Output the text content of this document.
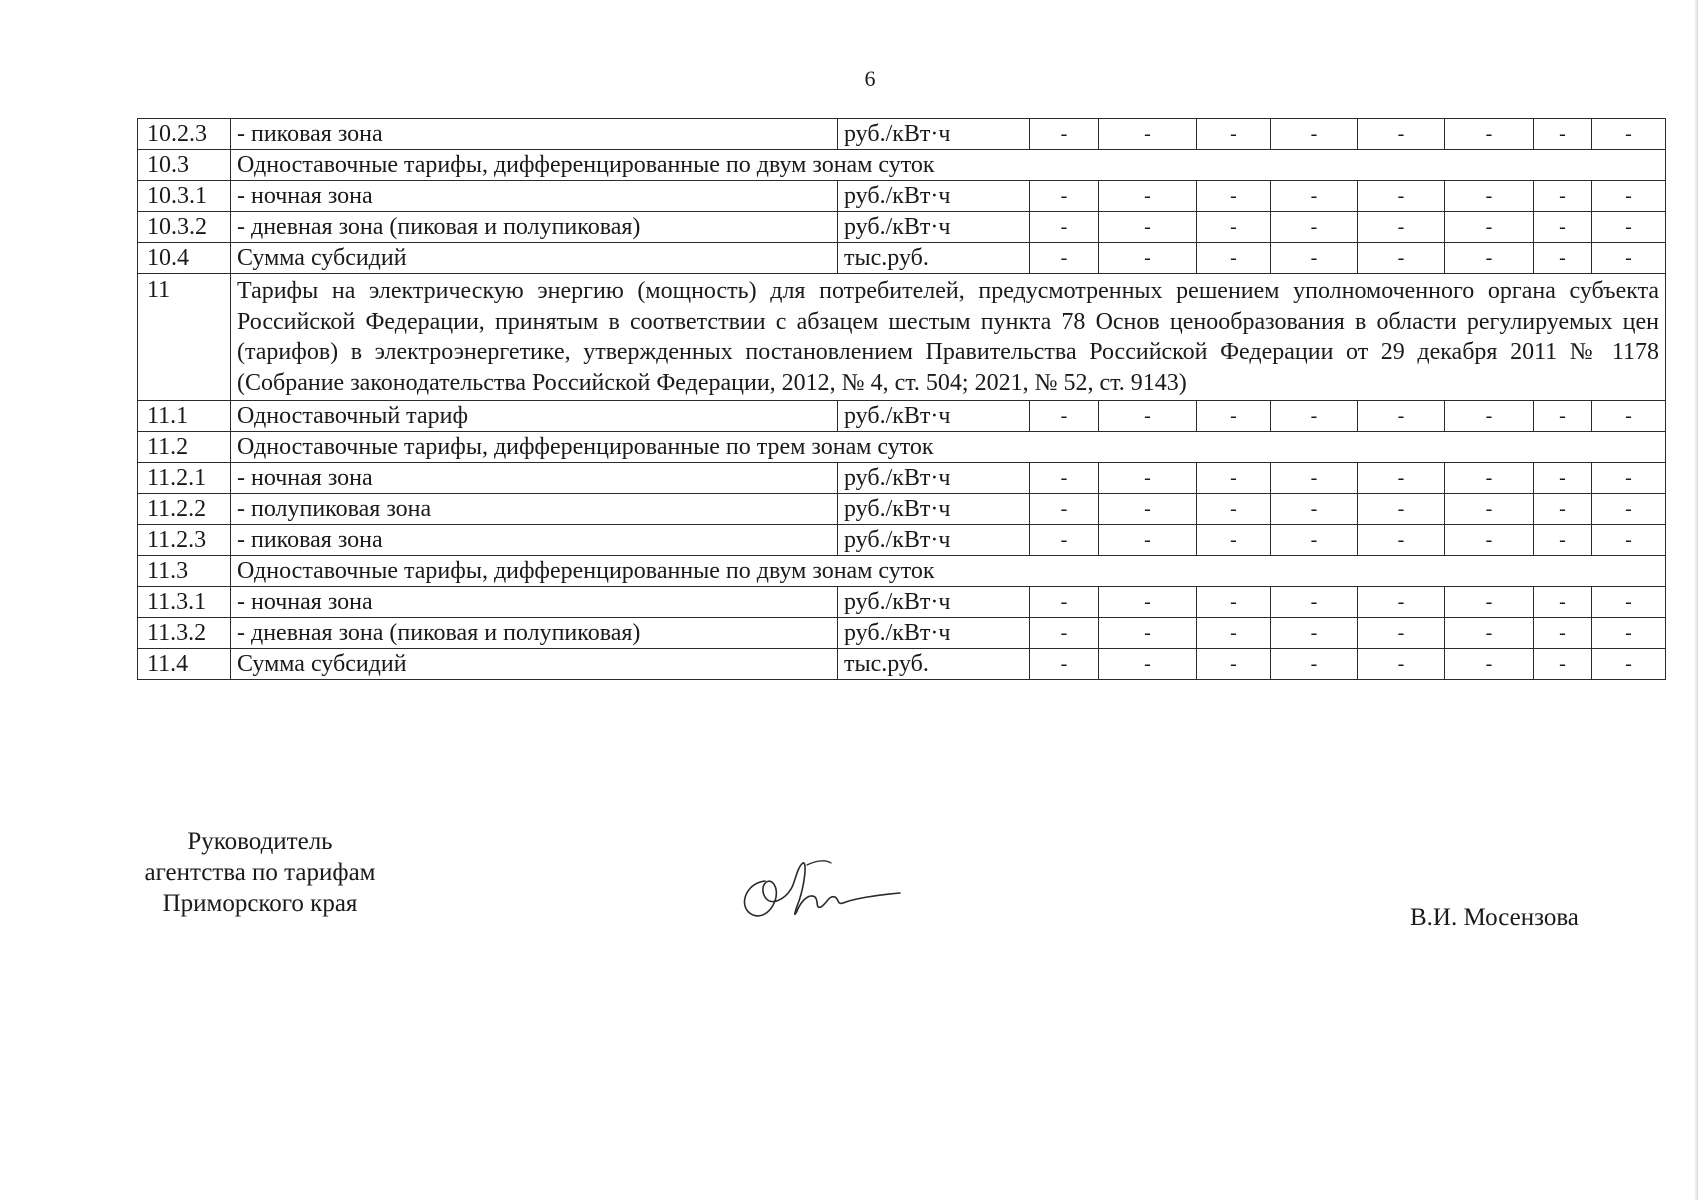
6
10.2.3	- пиковая зона	руб./кВт·ч	-	-	-	-	-	-	-	-
10.3	Одноставочные тарифы, дифференцированные по двум зонам суток									
10.3.1	- ночная зона	руб./кВт·ч	-	-	-	-	-	-	-	-
10.3.2	- дневная зона (пиковая и полупиковая)	руб./кВт·ч	-	-	-	-	-	-	-	-
10.4	Сумма субсидий	тыс.руб.	-	-	-	-	-	-	-	-
11	Тарифы на электрическую энергию (мощность) для потребителей, предусмотренных решением уполномоченного органа субъекта Российской Федерации, принятым в соответствии с абзацем шестым пункта 78 Основ ценообразования в области регулируемых цен (тарифов) в электроэнергетике, утвержденных постановлением Правительства Российской Федерации от 29 декабря 2011 № 1178 (Собрание законодательства Российской Федерации, 2012, № 4, ст. 504; 2021, № 52, ст. 9143)									
11.1	Одноставочный тариф	руб./кВт·ч	-	-	-	-	-	-	-	-
11.2	Одноставочные тарифы, дифференцированные по трем зонам суток									
11.2.1	- ночная зона	руб./кВт·ч	-	-	-	-	-	-	-	-
11.2.2	- полупиковая зона	руб./кВт·ч	-	-	-	-	-	-	-	-
11.2.3	- пиковая зона	руб./кВт·ч	-	-	-	-	-	-	-	-
11.3	Одноставочные тарифы, дифференцированные по двум зонам суток									
11.3.1	- ночная зона	руб./кВт·ч	-	-	-	-	-	-	-	-
11.3.2	- дневная зона (пиковая и полупиковая)	руб./кВт·ч	-	-	-	-	-	-	-	-
11.4	Сумма субсидий	тыс.руб.	-	-	-	-	-	-	-	-
Руководитель
агентства по тарифам
Приморского края
В.И. Мосензова
